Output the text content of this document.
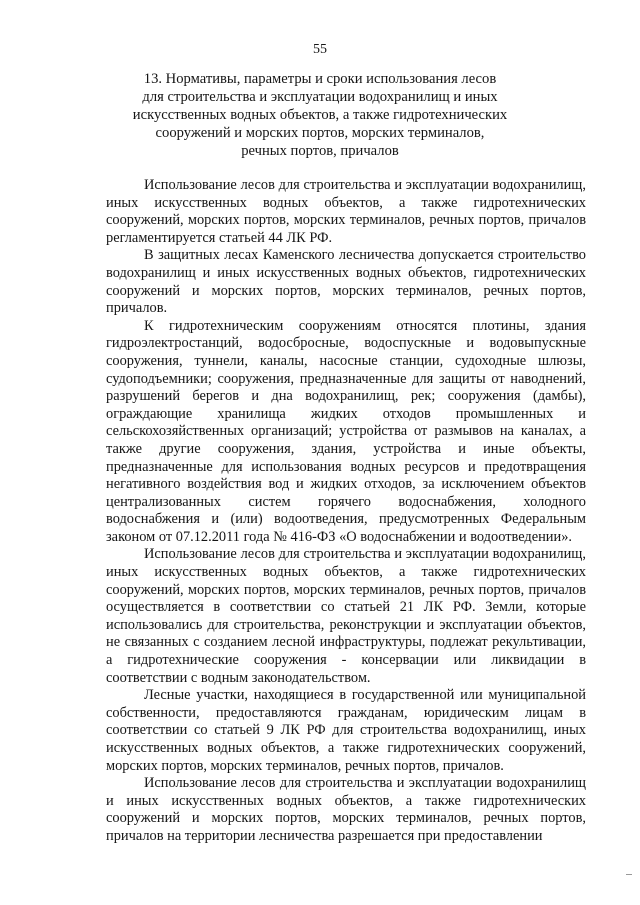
55
13. Нормативы, параметры и сроки использования лесов
для строительства и эксплуатации водохранилищ и иных
искусственных водных объектов, а также гидротехнических
сооружений и морских портов, морских терминалов,
речных портов, причалов

Использование лесов для строительства и эксплуатации водохранилищ, иных искусственных водных объектов, а также гидротехнических сооружений, морских портов, морских терминалов, речных портов, причалов регламентируется статьей 44 ЛК РФ.

В защитных лесах Каменского лесничества допускается строительство водохранилищ и иных искусственных водных объектов, гидротехнических сооружений и морских портов, морских терминалов, речных портов, причалов.

К гидротехническим сооружениям относятся плотины, здания гидроэлектростанций, водосбросные, водоспускные и водовыпускные сооружения, туннели, каналы, насосные станции, судоходные шлюзы, судоподъемники; сооружения, предназначенные для защиты от наводнений, разрушений берегов и дна водохранилищ, рек; сооружения (дамбы), ограждающие хранилища жидких отходов промышленных и сельскохозяйственных организаций; устройства от размывов на каналах, а также другие сооружения, здания, устройства и иные объекты, предназначенные для использования водных ресурсов и предотвращения негативного воздействия вод и жидких отходов, за исключением объектов централизованных систем горячего водоснабжения, холодного водоснабжения и (или) водоотведения, предусмотренных Федеральным законом от 07.12.2011 года № 416-ФЗ «О водоснабжении и водоотведении».

Использование лесов для строительства и эксплуатации водохранилищ, иных искусственных водных объектов, а также гидротехнических сооружений, морских портов, морских терминалов, речных портов, причалов осуществляется в соответствии со статьей 21 ЛК РФ. Земли, которые использовались для строительства, реконструкции и эксплуатации объектов, не связанных с созданием лесной инфраструктуры, подлежат рекультивации, а гидротехнические сооружения - консервации или ликвидации в соответствии с водным законодательством.

Лесные участки, находящиеся в государственной или муниципальной собственности, предоставляются гражданам, юридическим лицам в соответствии со статьей 9 ЛК РФ для строительства водохранилищ, иных искусственных водных объектов, а также гидротехнических сооружений, морских портов, морских терминалов, речных портов, причалов.

Использование лесов для строительства и эксплуатации водохранилищ и иных искусственных водных объектов, а также гидротехнических сооружений и морских портов, морских терминалов, речных портов, причалов на территории лесничества разрешается при предоставлении
